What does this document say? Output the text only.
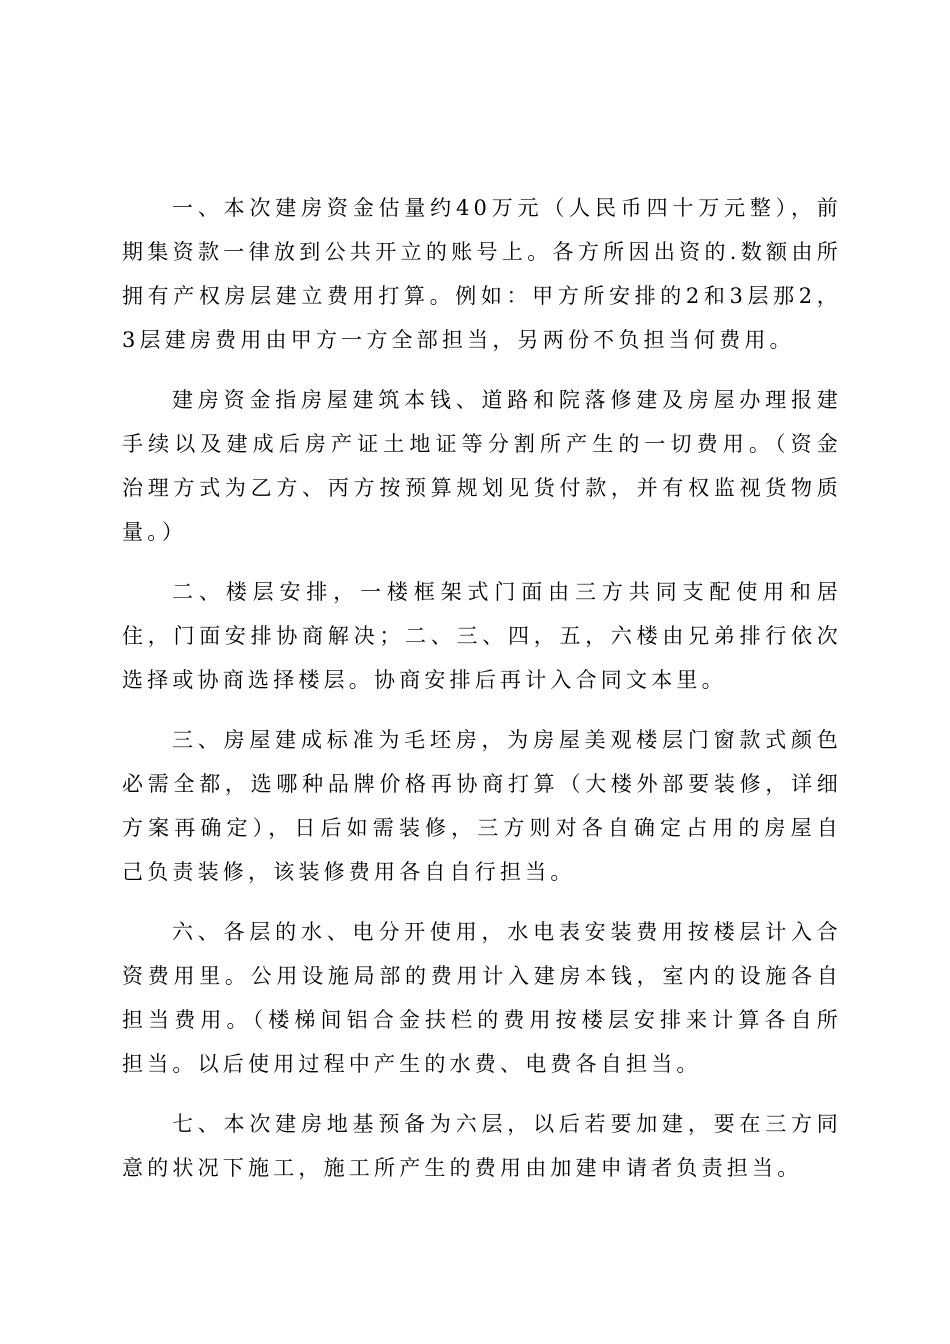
一、本次建房资金估量约40万元（人民币四十万元整），前期集资款一律放到公共开立的账号上。各方所因出资的.数额由所拥有产权房层建立费用打算。例如：甲方所安排的2和3层那2，3层建房费用由甲方一方全部担当，另两份不负担当何费用。

建房资金指房屋建筑本钱、道路和院落修建及房屋办理报建手续以及建成后房产证土地证等分割所产生的一切费用。（资金治理方式为乙方、丙方按预算规划见货付款，并有权监视货物质量。）

二、楼层安排，一楼框架式门面由三方共同支配使用和居住，门面安排协商解决；二、三、四，五，六楼由兄弟排行依次选择或协商选择楼层。协商安排后再计入合同文本里。

三、房屋建成标准为毛坯房，为房屋美观楼层门窗款式颜色必需全都，选哪种品牌价格再协商打算（大楼外部要装修，详细方案再确定），日后如需装修，三方则对各自确定占用的房屋自己负责装修，该装修费用各自自行担当。

六、各层的水、电分开使用，水电表安装费用按楼层计入合资费用里。公用设施局部的费用计入建房本钱，室内的设施各自担当费用。（楼梯间铝合金扶栏的费用按楼层安排来计算各自所担当。以后使用过程中产生的水费、电费各自担当。

七、本次建房地基预备为六层，以后若要加建，要在三方同意的状况下施工，施工所产生的费用由加建申请者负责担当。
